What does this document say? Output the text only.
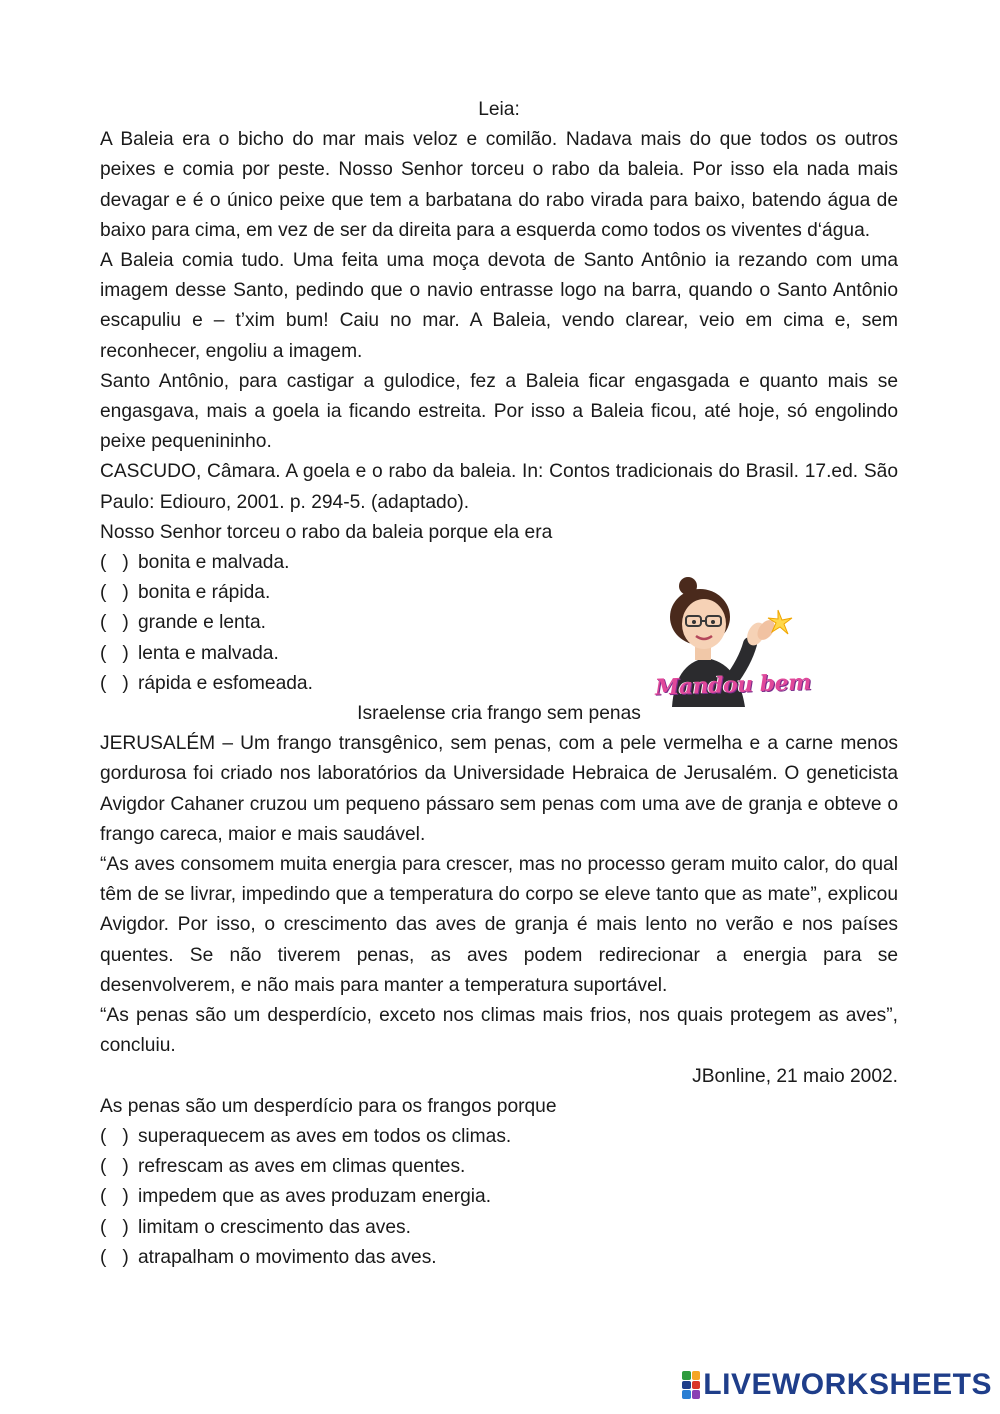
Leia:

A Baleia era o bicho do mar mais veloz e comilão. Nadava mais do que todos os outros peixes e comia por peste. Nosso Senhor torceu o rabo da baleia. Por isso ela nada mais devagar e é o único peixe que tem a barbatana do rabo virada para baixo, batendo água de baixo para cima, em vez de ser da direita para a esquerda como todos os viventes d‘água.

A Baleia comia tudo. Uma feita uma moça devota de Santo Antônio ia rezando com uma imagem desse Santo, pedindo que o navio entrasse logo na barra, quando o Santo Antônio escapuliu e – t’xim bum! Caiu no mar. A Baleia, vendo clarear, veio em cima e, sem reconhecer, engoliu a imagem.

Santo Antônio, para castigar a gulodice, fez a Baleia ficar engasgada e quanto mais se engasgava, mais a goela ia ficando estreita. Por isso a Baleia ficou, até hoje, só engolindo peixe pequenininho.

CASCUDO, Câmara. A goela e o rabo da baleia. In: Contos tradicionais do Brasil. 17.ed. São Paulo: Ediouro, 2001. p. 294-5. (adaptado).

Nosso Senhor torceu o rabo da baleia porque ela era

(   ) bonita e malvada.
(   ) bonita e rápida.
(   ) grande e lenta.
(   ) lenta e malvada.
(   ) rápida e esfomeada.

Israelense cria frango sem penas

JERUSALÉM – Um frango transgênico, sem penas, com a pele vermelha e a carne menos gordurosa foi criado nos laboratórios da Universidade Hebraica de Jerusalém. O geneticista Avigdor Cahaner cruzou um pequeno pássaro sem penas com uma ave de granja e obteve o frango careca, maior e mais saudável.

“As aves consomem muita energia para crescer, mas no processo geram muito calor, do qual têm de se livrar, impedindo que a temperatura do corpo se eleve tanto que as mate”, explicou Avigdor. Por isso, o crescimento das aves de granja é mais lento no verão e nos países quentes. Se não tiverem penas, as aves podem redirecionar a energia para se desenvolverem, e não mais para manter a temperatura suportável.

“As penas são um desperdício, exceto nos climas mais frios, nos quais protegem as aves”, concluiu.

JBonline, 21 maio 2002.

As penas são um desperdício para os frangos porque

(   ) superaquecem as aves em todos os climas.
(   ) refrescam as aves em climas quentes.
(   ) impedem que as aves produzam energia.
(   ) limitam o crescimento das aves.
(   ) atrapalham o movimento das aves.
Mandou bem
LIVEWORKSHEETS
